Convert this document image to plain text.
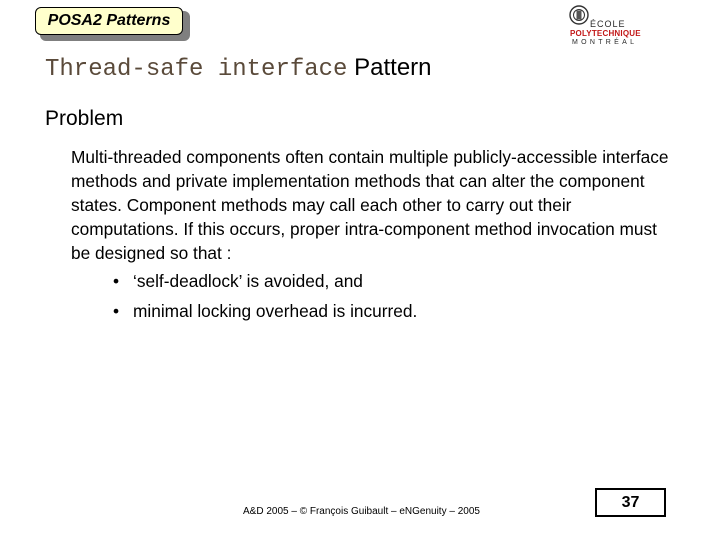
POSA2 Patterns	ÉCOLE
POLYTECHNIQUE
MONTRÉAL
Thread-safe interface Pattern
Problem
Multi-threaded components often contain multiple publicly-accessible interface methods and private implementation methods that can alter the component states. Component methods may call each other to carry out their computations. If this occurs, proper intra-component method invocation must be designed so that :
• ‘self-deadlock’ is avoided, and
• minimal locking overhead is incurred.
A&D 2005 – © François Guibault – eNGenuity – 2005
37
